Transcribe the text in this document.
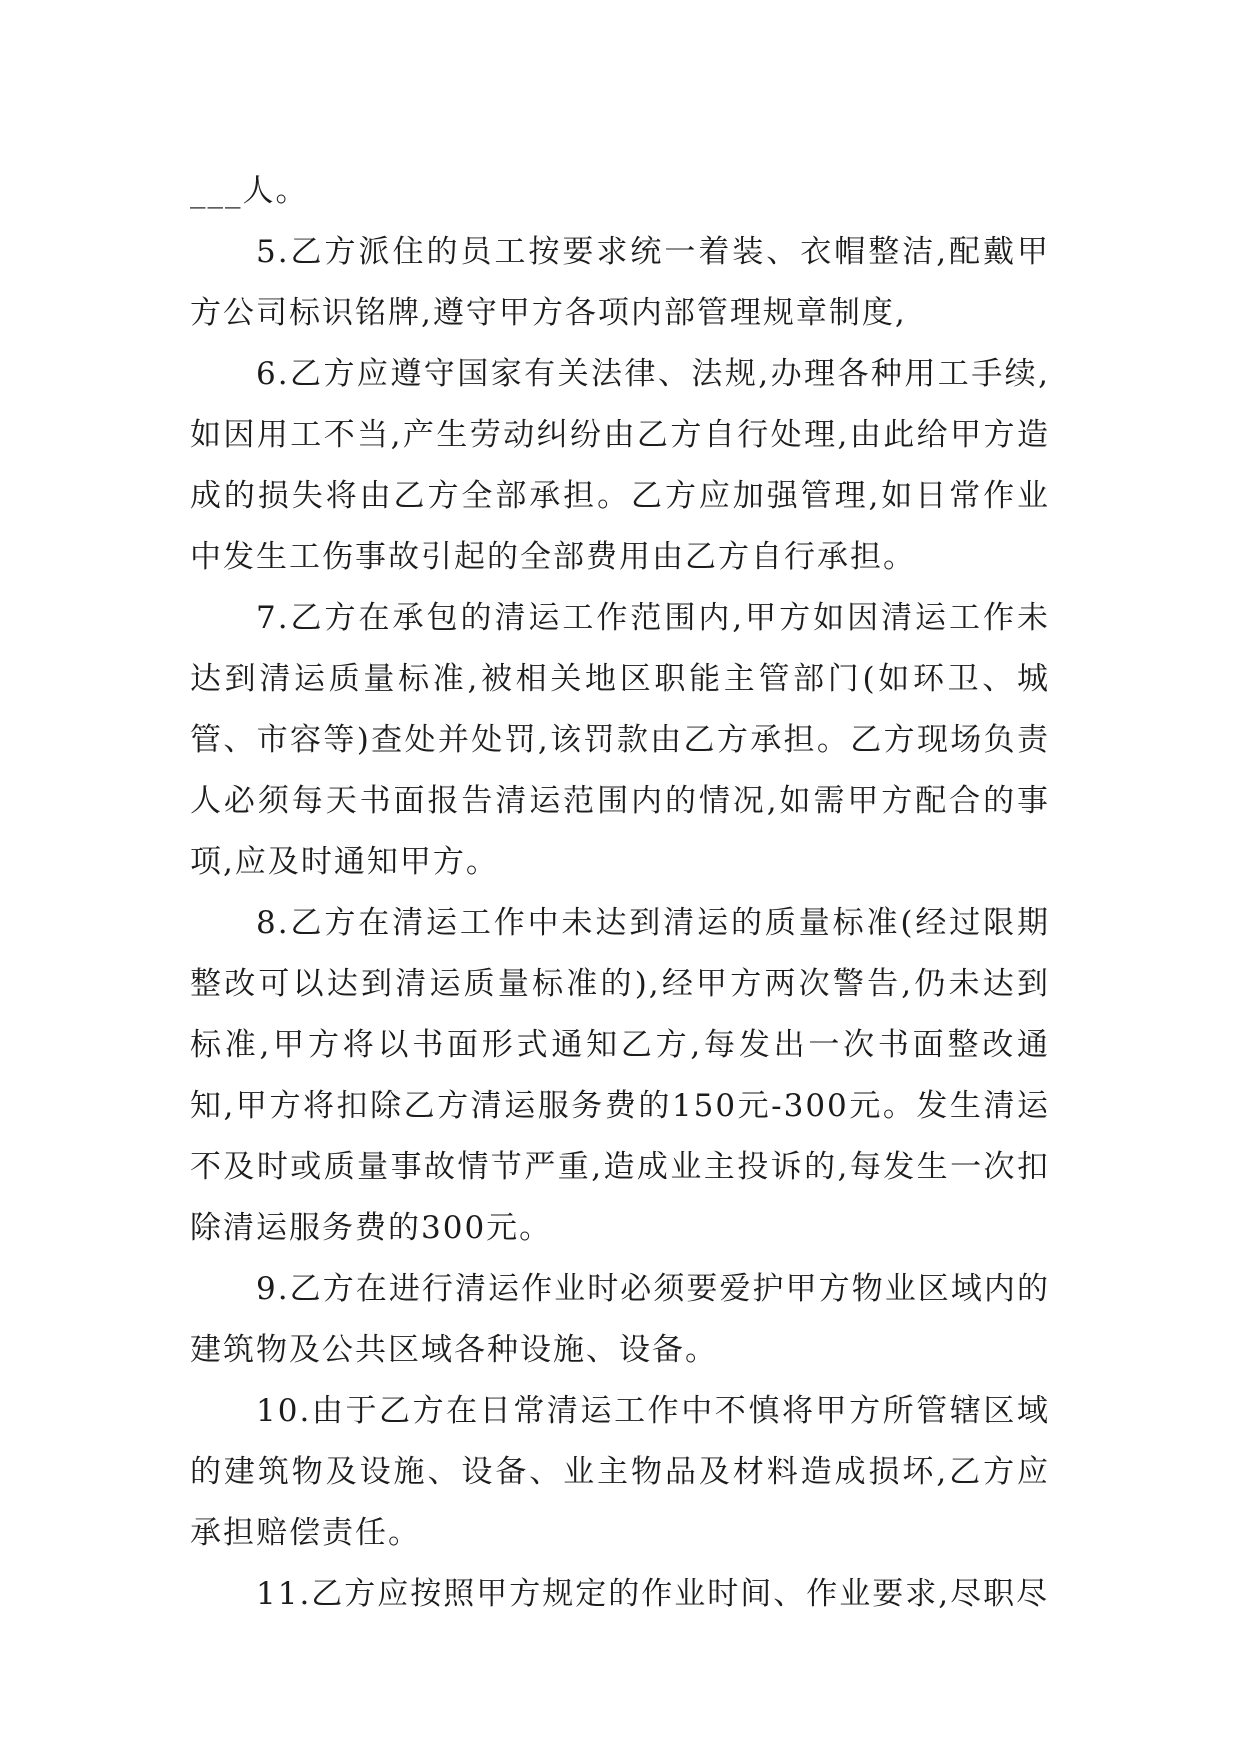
___人。

5.乙方派住的员工按要求统一着装、衣帽整洁,配戴甲方公司标识铭牌,遵守甲方各项内部管理规章制度,

6.乙方应遵守国家有关法律、法规,办理各种用工手续,如因用工不当,产生劳动纠纷由乙方自行处理,由此给甲方造成的损失将由乙方全部承担。乙方应加强管理,如日常作业中发生工伤事故引起的全部费用由乙方自行承担。

7.乙方在承包的清运工作范围内,甲方如因清运工作未达到清运质量标准,被相关地区职能主管部门(如环卫、城管、市容等)查处并处罚,该罚款由乙方承担。乙方现场负责人必须每天书面报告清运范围内的情况,如需甲方配合的事项,应及时通知甲方。

8.乙方在清运工作中未达到清运的质量标准(经过限期整改可以达到清运质量标准的),经甲方两次警告,仍未达到标准,甲方将以书面形式通知乙方,每发出一次书面整改通知,甲方将扣除乙方清运服务费的150元-300元。发生清运不及时或质量事故情节严重,造成业主投诉的,每发生一次扣除清运服务费的300元。

9.乙方在进行清运作业时必须要爱护甲方物业区域内的建筑物及公共区域各种设施、设备。

10.由于乙方在日常清运工作中不慎将甲方所管辖区域的建筑物及设施、设备、业主物品及材料造成损坏,乙方应承担赔偿责任。

11.乙方应按照甲方规定的作业时间、作业要求,尽职尽
